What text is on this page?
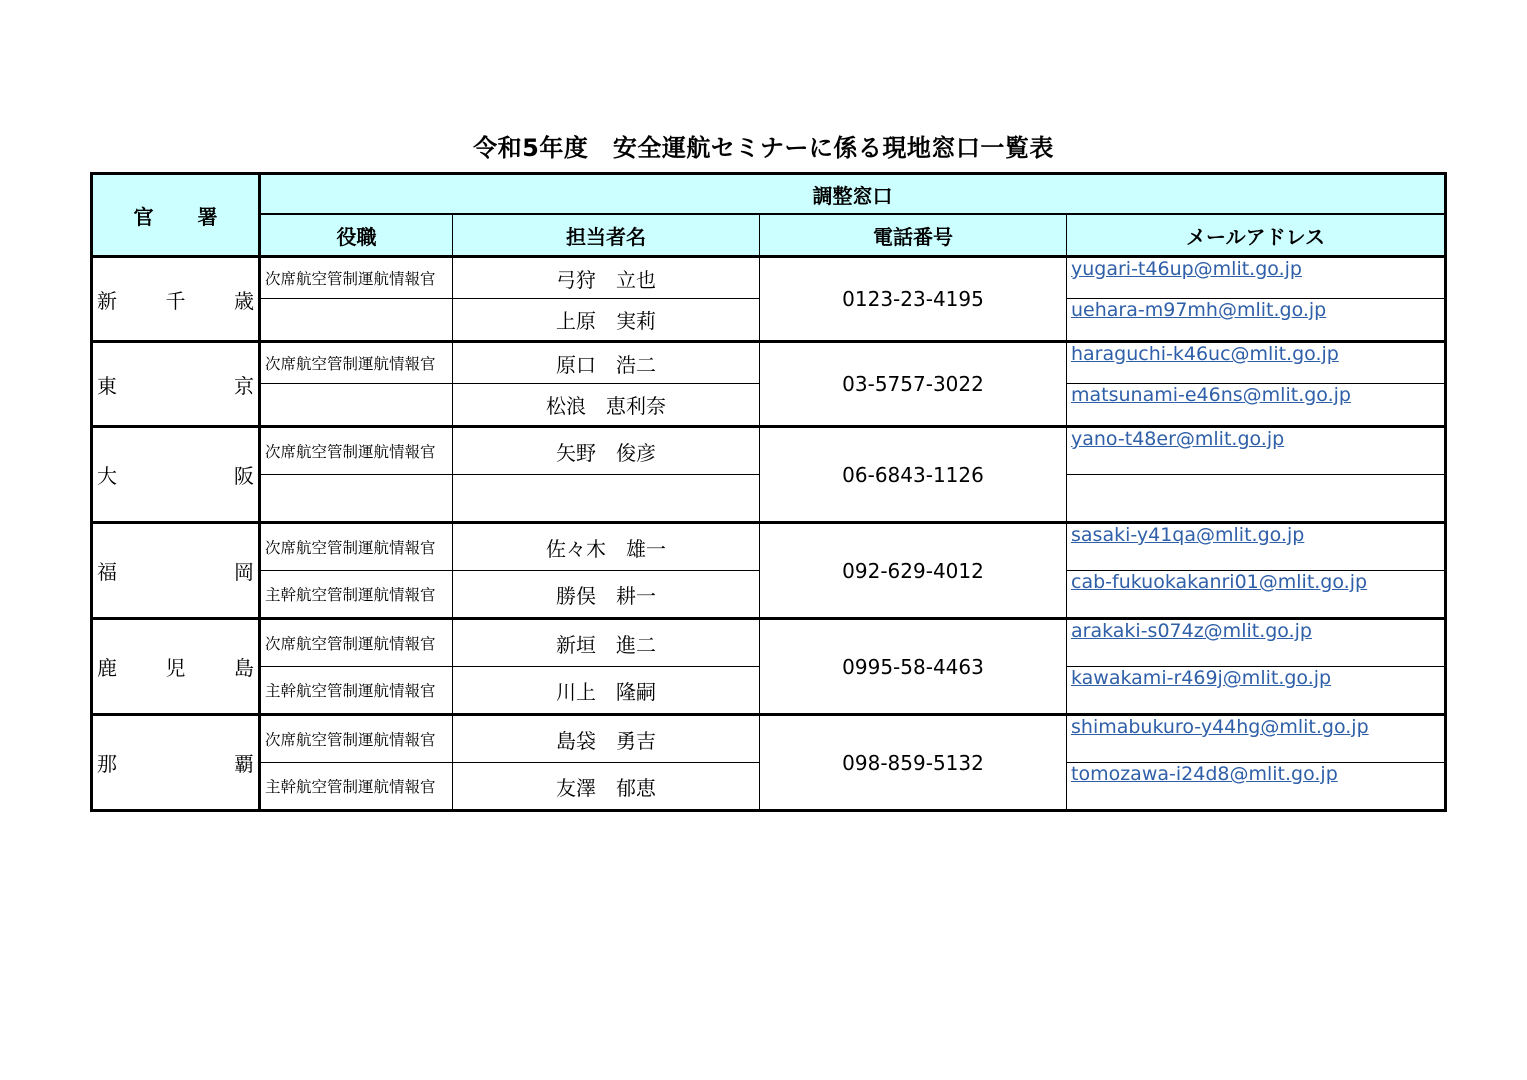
令和5年度　安全運航セミナーに係る現地窓口一覧表
官 署	調整窓口			
	役職	担当者名	電話番号	メールアドレス

新 千 歳	次席航空管制運航情報官	弓狩　立也	0123-23-4195	yugari-t46up@mlit.go.jp
		上原　実莉		uehara-m97mh@mlit.go.jp

東 京	次席航空管制運航情報官	原口　浩二	03-5757-3022	haraguchi-k46uc@mlit.go.jp
		松浪　恵利奈		matsunami-e46ns@mlit.go.jp

大 阪	次席航空管制運航情報官	矢野　俊彦	06-6843-1126	yano-t48er@mlit.go.jp

福 岡	次席航空管制運航情報官	佐々木　雄一	092-629-4012	sasaki-y41qa@mlit.go.jp
	主幹航空管制運航情報官	勝俣　耕一		cab-fukuokakanri01@mlit.go.jp

鹿 児 島	次席航空管制運航情報官	新垣　進二	0995-58-4463	arakaki-s074z@mlit.go.jp
	主幹航空管制運航情報官	川上　隆嗣		kawakami-r469j@mlit.go.jp

那 覇	次席航空管制運航情報官	島袋　勇吉	098-859-5132	shimabukuro-y44hg@mlit.go.jp
	主幹航空管制運航情報官	友澤　郁恵		tomozawa-i24d8@mlit.go.jp
